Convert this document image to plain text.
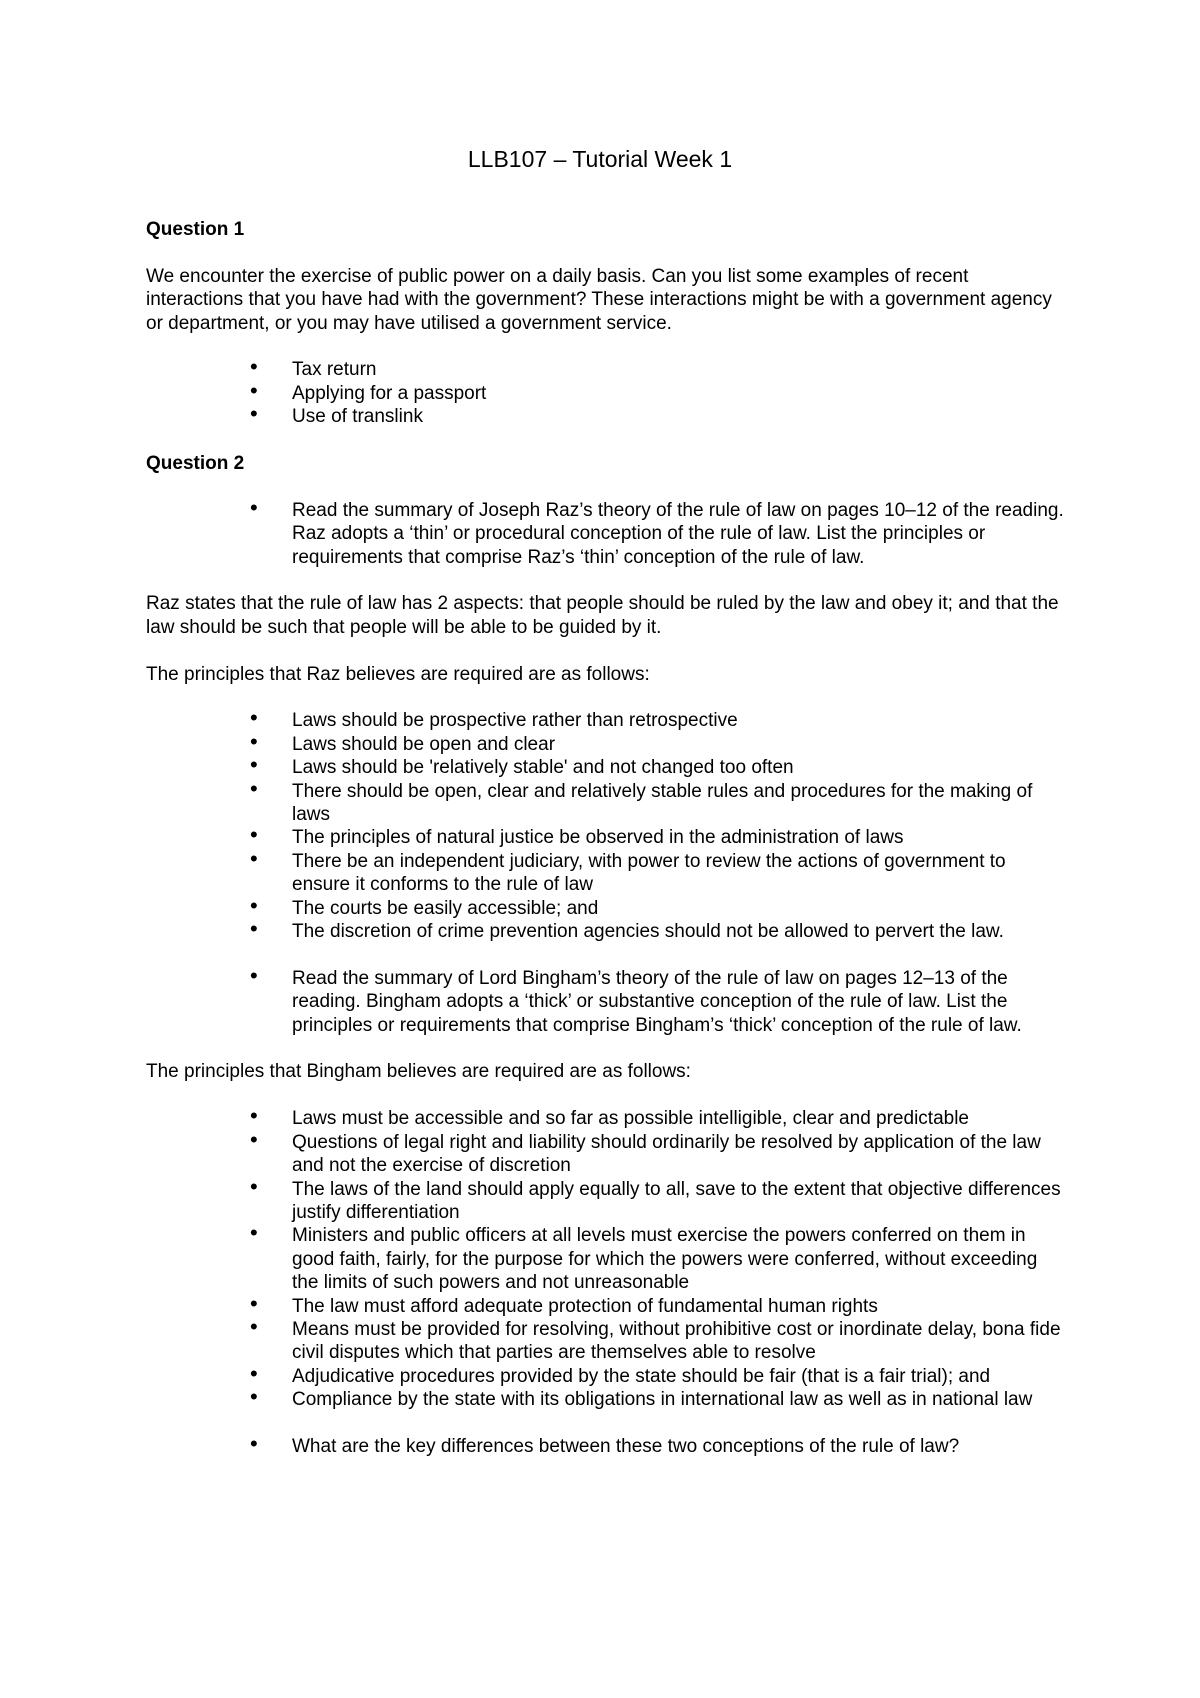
LLB107 – Tutorial Week 1
Question 1
We encounter the exercise of public power on a daily basis. Can you list some examples of recent interactions that you have had with the government? These interactions might be with a government agency or department, or you may have utilised a government service.
• Tax return
• Applying for a passport
• Use of translink
Question 2
• Read the summary of Joseph Raz’s theory of the rule of law on pages 10–12 of the reading. Raz adopts a ‘thin’ or procedural conception of the rule of law. List the principles or requirements that comprise Raz’s ‘thin’ conception of the rule of law.
Raz states that the rule of law has 2 aspects: that people should be ruled by the law and obey it; and that the law should be such that people will be able to be guided by it.
The principles that Raz believes are required are as follows:
• Laws should be prospective rather than retrospective
• Laws should be open and clear
• Laws should be 'relatively stable' and not changed too often
• There should be open, clear and relatively stable rules and procedures for the making of laws
• The principles of natural justice be observed in the administration of laws
• There be an independent judiciary, with power to review the actions of government to ensure it conforms to the rule of law
• The courts be easily accessible; and
• The discretion of crime prevention agencies should not be allowed to pervert the law.
• Read the summary of Lord Bingham’s theory of the rule of law on pages 12–13 of the reading. Bingham adopts a ‘thick’ or substantive conception of the rule of law. List the principles or requirements that comprise Bingham’s ‘thick’ conception of the rule of law.
The principles that Bingham believes are required are as follows:
• Laws must be accessible and so far as possible intelligible, clear and predictable
• Questions of legal right and liability should ordinarily be resolved by application of the law and not the exercise of discretion
• The laws of the land should apply equally to all, save to the extent that objective differences justify differentiation
• Ministers and public officers at all levels must exercise the powers conferred on them in good faith, fairly, for the purpose for which the powers were conferred, without exceeding the limits of such powers and not unreasonable
• The law must afford adequate protection of fundamental human rights
• Means must be provided for resolving, without prohibitive cost or inordinate delay, bona fide civil disputes which that parties are themselves able to resolve
• Adjudicative procedures provided by the state should be fair (that is a fair trial); and
• Compliance by the state with its obligations in international law as well as in national law
• What are the key differences between these two conceptions of the rule of law?
